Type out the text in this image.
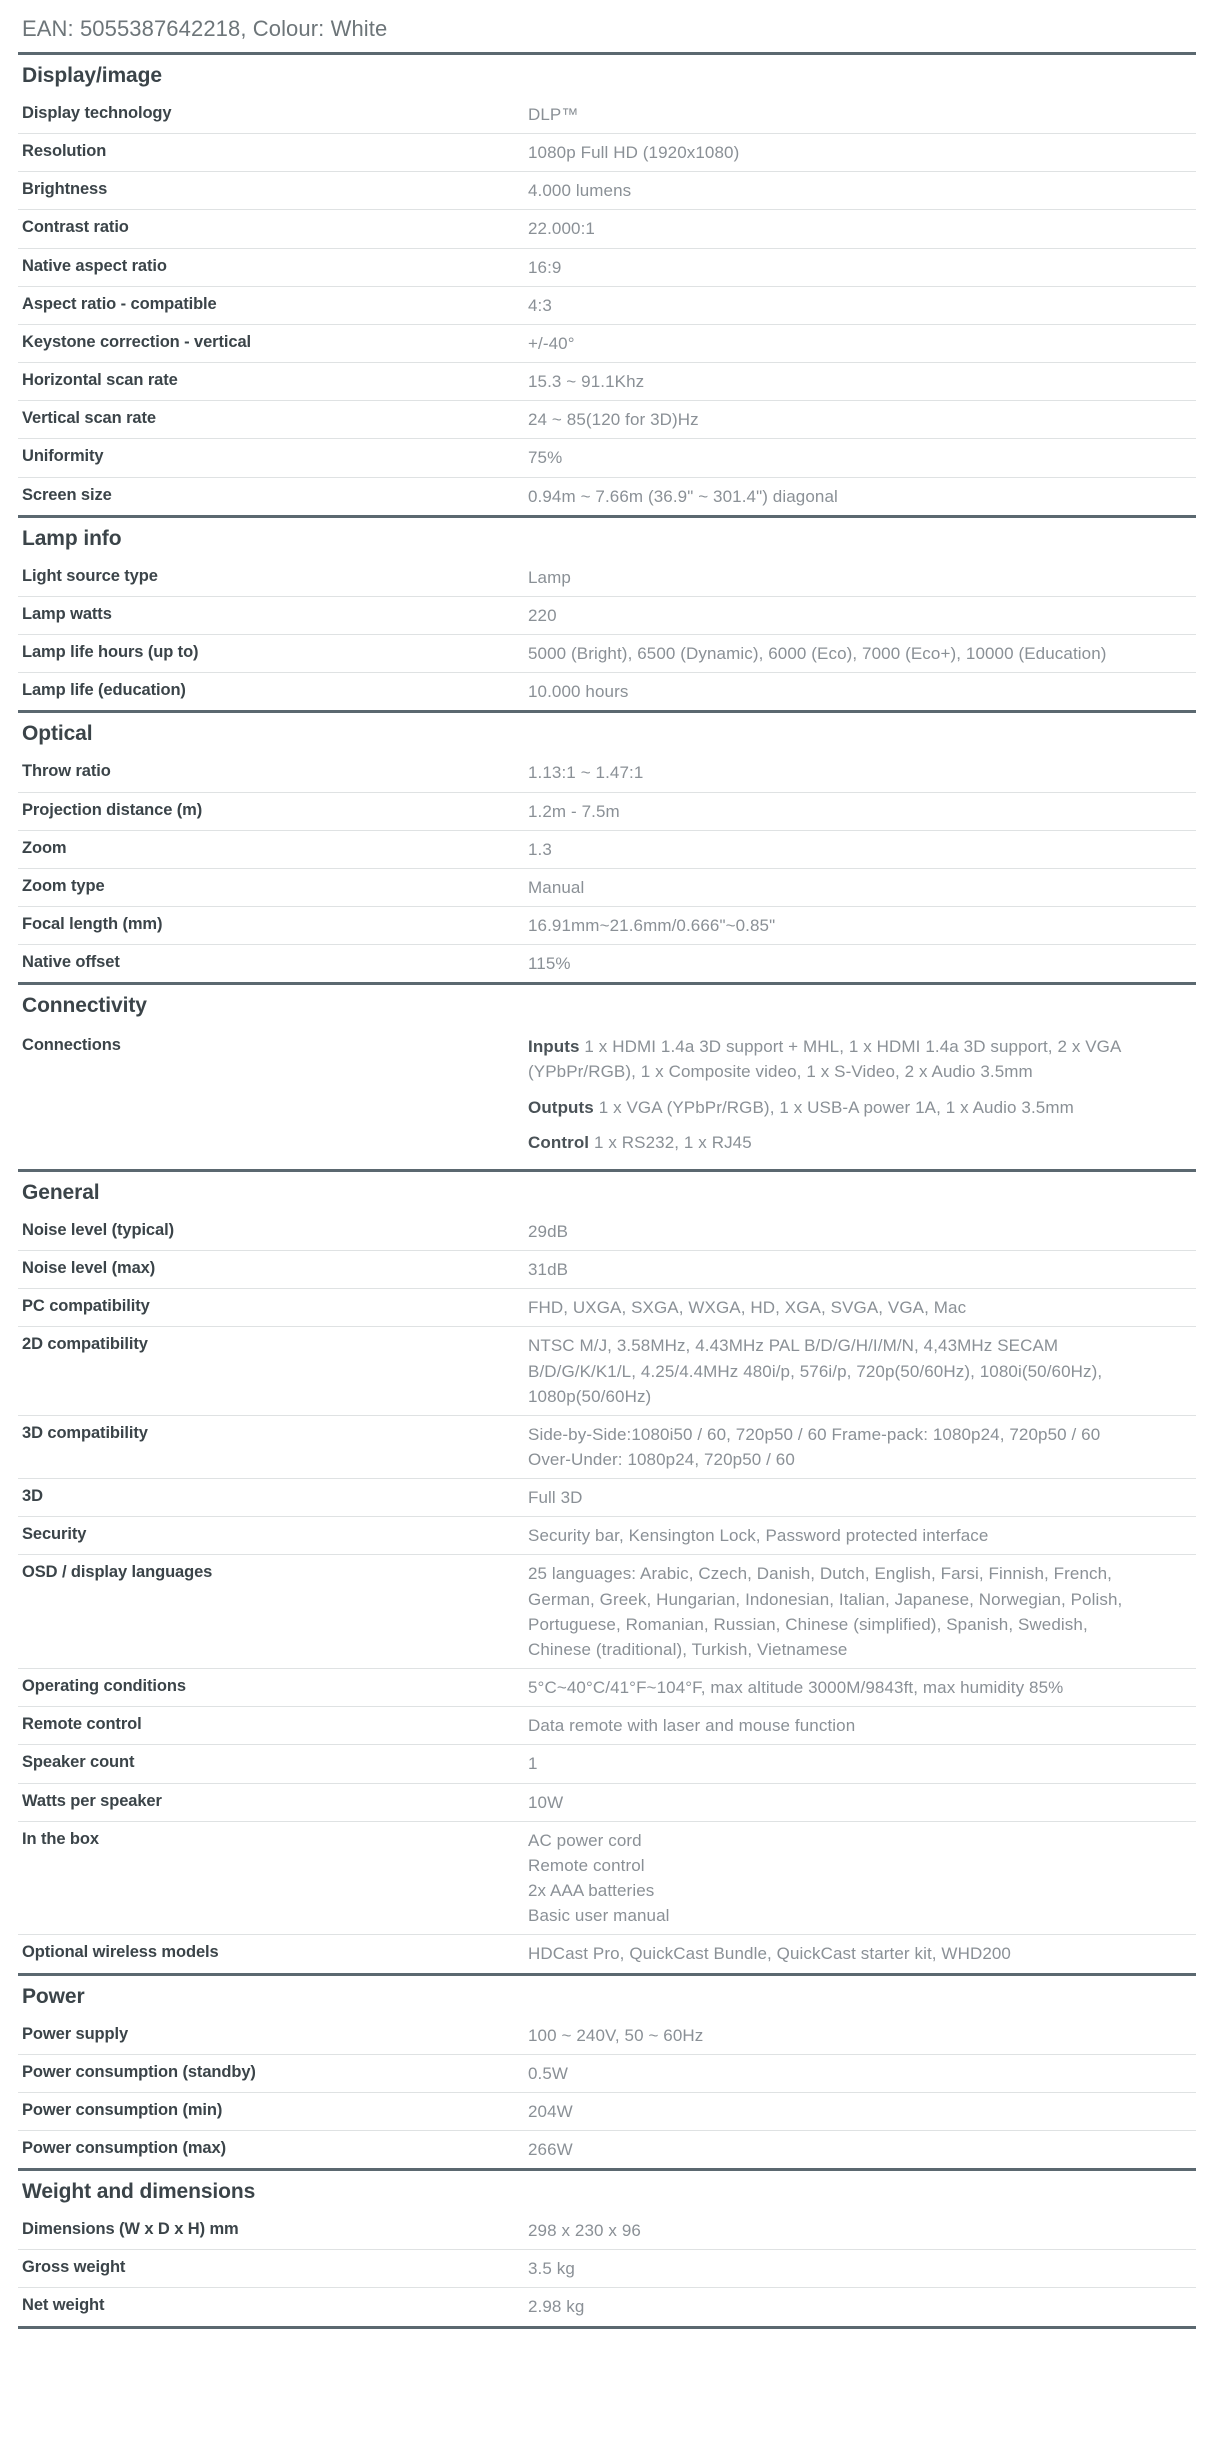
EAN: 5055387642218, Colour: White
Display/image
Display technology	DLP™
Resolution	1080p Full HD (1920x1080)
Brightness	4.000 lumens
Contrast ratio	22.000:1
Native aspect ratio	16:9
Aspect ratio - compatible	4:3
Keystone correction - vertical	+/-40°
Horizontal scan rate	15.3 ~ 91.1Khz
Vertical scan rate	24 ~ 85(120 for 3D)Hz
Uniformity	75%
Screen size	0.94m ~ 7.66m (36.9" ~ 301.4") diagonal
Lamp info
Light source type	Lamp
Lamp watts	220
Lamp life hours (up to)	5000 (Bright), 6500 (Dynamic), 6000 (Eco), 7000 (Eco+), 10000 (Education)
Lamp life (education)	10.000 hours
Optical
Throw ratio	1.13:1 ~ 1.47:1
Projection distance (m)	1.2m - 7.5m
Zoom	1.3
Zoom type	Manual
Focal length (mm)	16.91mm~21.6mm/0.666"~0.85"
Native offset	115%
Connectivity
Connections	Inputs 1 x HDMI 1.4a 3D support + MHL, 1 x HDMI 1.4a 3D support, 2 x VGA (YPbPr/RGB), 1 x Composite video, 1 x S-Video, 2 x Audio 3.5mm
Outputs 1 x VGA (YPbPr/RGB), 1 x USB-A power 1A, 1 x Audio 3.5mm
Control 1 x RS232, 1 x RJ45
General
Noise level (typical)	29dB
Noise level (max)	31dB
PC compatibility	FHD, UXGA, SXGA, WXGA, HD, XGA, SVGA, VGA, Mac
2D compatibility	NTSC M/J, 3.58MHz, 4.43MHz PAL B/D/G/H/I/M/N, 4,43MHz SECAM B/D/G/K/K1/L, 4.25/4.4MHz 480i/p, 576i/p, 720p(50/60Hz), 1080i(50/60Hz), 1080p(50/60Hz)
3D compatibility	Side-by-Side:1080i50 / 60, 720p50 / 60 Frame-pack: 1080p24, 720p50 / 60 Over-Under: 1080p24, 720p50 / 60
3D	Full 3D
Security	Security bar, Kensington Lock, Password protected interface
OSD / display languages	25 languages: Arabic, Czech, Danish, Dutch, English, Farsi, Finnish, French, German, Greek, Hungarian, Indonesian, Italian, Japanese, Norwegian, Polish, Portuguese, Romanian, Russian, Chinese (simplified), Spanish, Swedish, Chinese (traditional), Turkish, Vietnamese
Operating conditions	5°C~40°C/41°F~104°F, max altitude 3000M/9843ft, max humidity 85%
Remote control	Data remote with laser and mouse function
Speaker count	1
Watts per speaker	10W
In the box	AC power cord
Remote control
2x AAA batteries
Basic user manual
Optional wireless models	HDCast Pro, QuickCast Bundle, QuickCast starter kit, WHD200
Power
Power supply	100 ~ 240V, 50 ~ 60Hz
Power consumption (standby)	0.5W
Power consumption (min)	204W
Power consumption (max)	266W
Weight and dimensions
Dimensions (W x D x H) mm	298 x 230 x 96
Gross weight	3.5 kg
Net weight	2.98 kg
